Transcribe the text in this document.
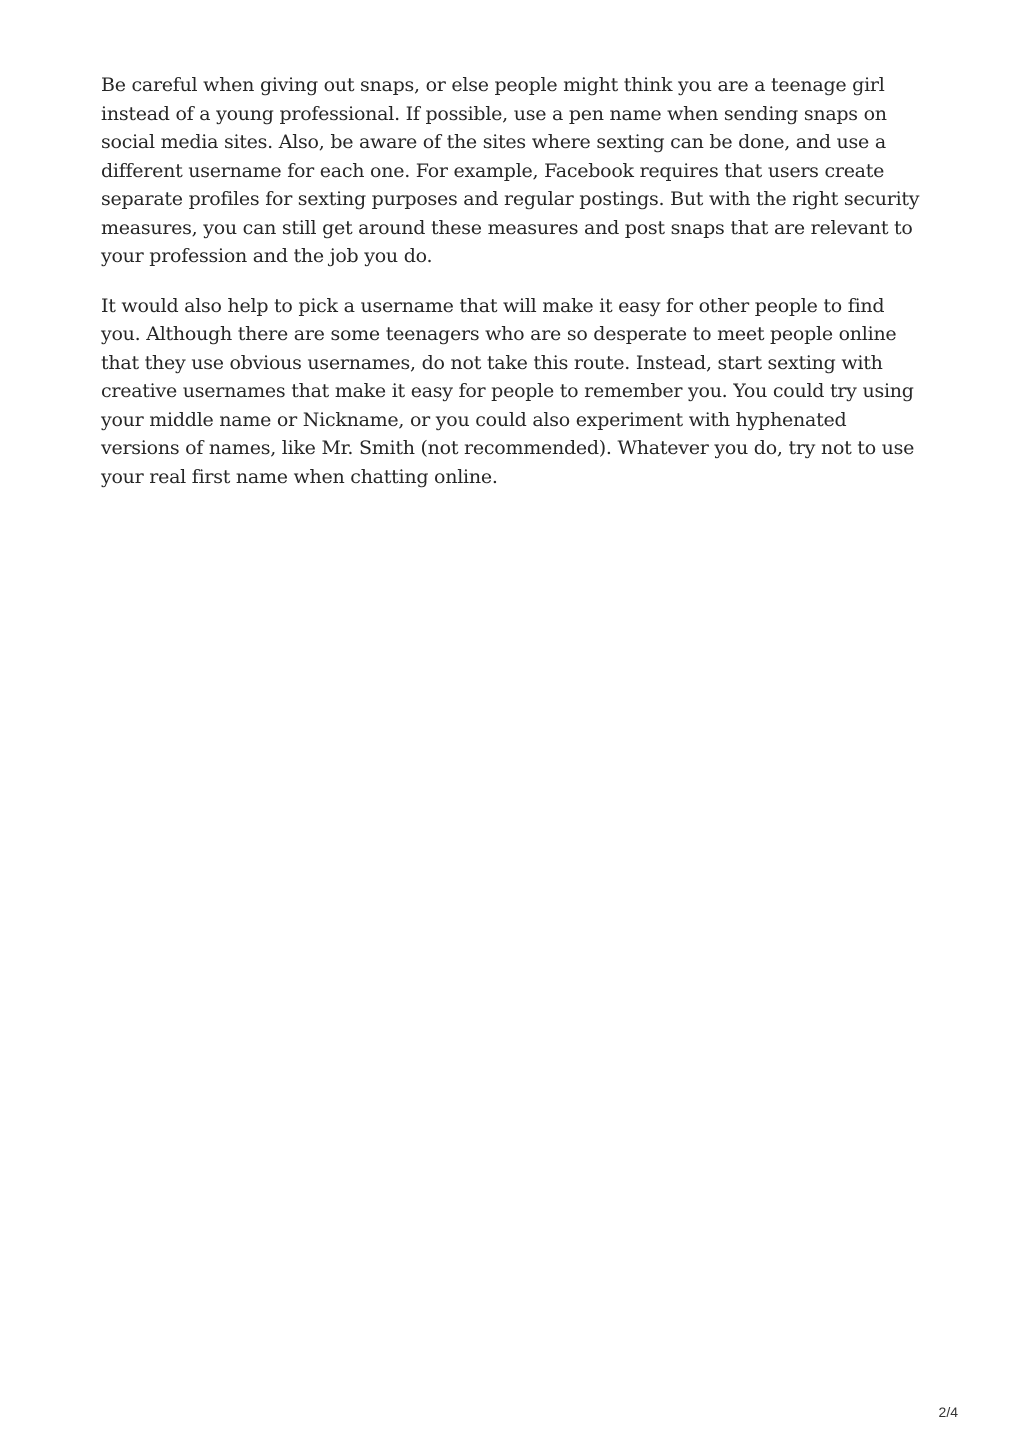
Be careful when giving out snaps, or else people might think you are a teenage girl instead of a young professional. If possible, use a pen name when sending snaps on social media sites. Also, be aware of the sites where sexting can be done, and use a different username for each one. For example, Facebook requires that users create separate profiles for sexting purposes and regular postings. But with the right security measures, you can still get around these measures and post snaps that are relevant to your profession and the job you do.

It would also help to pick a username that will make it easy for other people to find you. Although there are some teenagers who are so desperate to meet people online that they use obvious usernames, do not take this route. Instead, start sexting with creative usernames that make it easy for people to remember you. You could try using your middle name or Nickname, or you could also experiment with hyphenated versions of names, like Mr. Smith (not recommended). Whatever you do, try not to use your real first name when chatting online.

2/4
